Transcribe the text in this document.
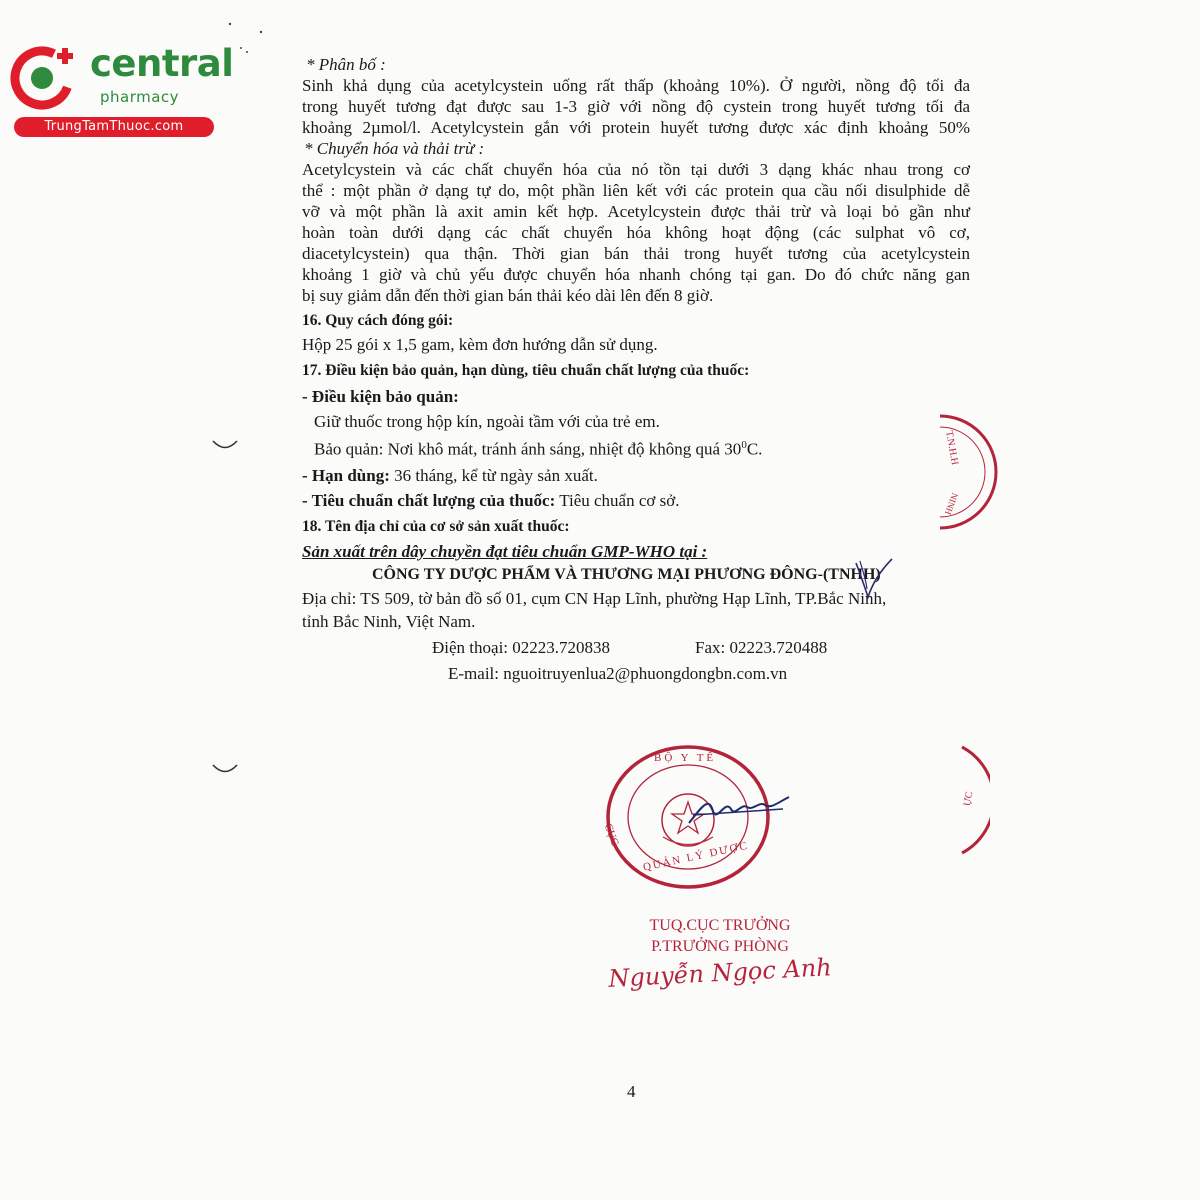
central
pharmacy
TrungTamThuoc.com
* Phân bố :
Sinh khả dụng của acetylcystein uống rất thấp (khoảng 10%). Ở người, nồng độ tối đa
trong huyết tương đạt được sau 1-3 giờ với nồng độ cystein trong huyết tương tối đa
khoảng 2µmol/l. Acetylcystein gắn với protein huyết tương được xác định khoảng 50%
* Chuyển hóa và thải trừ :
Acetylcystein và các chất chuyển hóa của nó tồn tại dưới 3 dạng khác nhau trong cơ
thể : một phần ở dạng tự do, một phần liên kết với các protein qua cầu nối disulphide dễ
vỡ và một phần là axit amin kết hợp. Acetylcystein được thải trừ và loại bỏ gần như
hoàn toàn dưới dạng các chất chuyển hóa không hoạt động (các sulphat vô cơ,
diacetylcystein) qua thận. Thời gian bán thải trong huyết tương của acetylcystein
khoảng 1 giờ và chủ yếu được chuyển hóa nhanh chóng tại gan. Do đó chức năng gan
bị suy giảm dẫn đến thời gian bán thải kéo dài lên đến 8 giờ.
16. Quy cách đóng gói:
Hộp 25 gói x 1,5 gam, kèm đơn hướng dẫn sử dụng.
17. Điều kiện bảo quản, hạn dùng, tiêu chuẩn chất lượng của thuốc:
- Điều kiện bảo quản:
Giữ thuốc trong hộp kín, ngoài tầm với của trẻ em.
Bảo quản: Nơi khô mát, tránh ánh sáng, nhiệt độ không quá $30^0C$.
- Hạn dùng: 36 tháng, kể từ ngày sản xuất.
- Tiêu chuẩn chất lượng của thuốc: Tiêu chuẩn cơ sở.
18. Tên địa chỉ của cơ sở sản xuất thuốc:
Sản xuất trên dây chuyền đạt tiêu chuẩn GMP-WHO tại :
CÔNG TY DƯỢC PHẨM VÀ THƯƠNG MẠI PHƯƠNG ĐÔNG-(TNHH)
Địa chỉ: TS 509, tờ bản đồ số 01, cụm CN Hạp Lĩnh, phường Hạp Lĩnh, TP.Bắc Ninh,
tỉnh Bắc Ninh, Việt Nam.
Điện thoại: 02223.720838	Fax: 02223.720488
E-mail: nguoitruyenlua2@phuongdongbn.com.vn
T.N.H.H
NINH
ỰC
BỘ Y TẾ
CỤC
QUẢN LÝ DƯỢC
TUQ.CỤC TRƯỞNG
P.TRƯỞNG PHÒNG
Nguyễn Ngọc Anh
4
